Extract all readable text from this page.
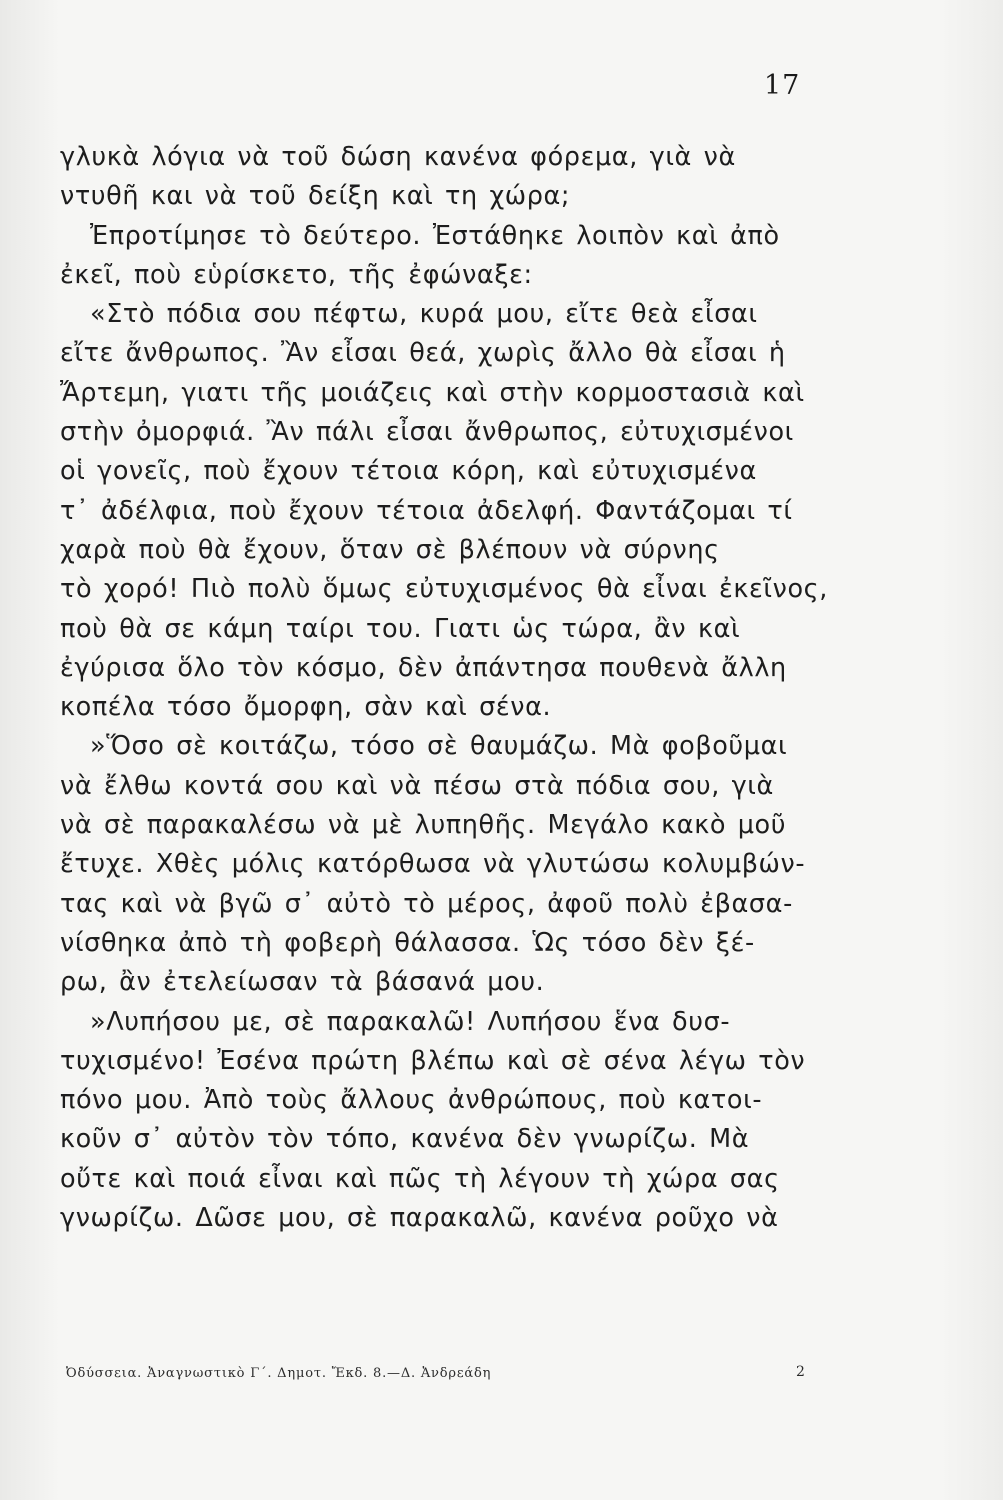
17
γλυκὰ λόγια νὰ τοῦ δώση κανένα φόρεμα, γιὰ νὰ
ντυθῆ και νὰ τοῦ δείξη καὶ τη χώρα;
Ἐπροτίμησε τὸ δεύτερο. Ἐστάθηκε λοιπὸν καὶ ἀπὸ
ἐκεῖ, ποὺ εὑρίσκετο, τῆς ἐφώναξε:
«Στὸ πόδια σου πέφτω, κυρά μου, εἴτε θεὰ εἶσαι
εἴτε ἄνθρωπος. Ἂν εἶσαι θεά, χωρὶς ἄλλο θὰ εἶσαι ἡ
Ἄρτεμη, γιατι τῆς μοιάζεις καὶ στὴν κορμοστασιὰ καὶ
στὴν ὀμορφιά. Ἂν πάλι εἶσαι ἄνθρωπος, εὐτυχισμένοι
οἱ γονεῖς, ποὺ ἔχουν τέτοια κόρη, καὶ εὐτυχισμένα
τ᾿ ἀδέλφια, ποὺ ἔχουν τέτοια ἀδελφή. Φαντάζομαι τί
χαρὰ ποὺ θὰ ἔχουν, ὅταν σὲ βλέπουν νὰ σύρνης
τὸ χορό! Πιὸ πολὺ ὅμως εὐτυχισμένος θὰ εἶναι ἐκεῖνος,
ποὺ θὰ σε κάμη ταίρι του. Γιατι ὡς τώρα, ἂν καὶ
ἐγύρισα ὅλο τὸν κόσμο, δὲν ἀπάντησα πουθενὰ ἄλλη
κοπέλα τόσο ὄμορφη, σὰν καὶ σένα.
»Ὅσο σὲ κοιτάζω, τόσο σὲ θαυμάζω. Μὰ φοβοῦμαι
νὰ ἔλθω κοντά σου καὶ νὰ πέσω στὰ πόδια σου, γιὰ
νὰ σὲ παρακαλέσω νὰ μὲ λυπηθῆς. Μεγάλο κακὸ μοῦ
ἔτυχε. Χθὲς μόλις κατόρθωσα νὰ γλυτώσω κολυμβών-
τας καὶ νὰ βγῶ σ᾿ αὐτὸ τὸ μέρος, ἀφοῦ πολὺ ἐβασα-
νίσθηκα ἀπὸ τὴ φοβερὴ θάλασσα. Ὡς τόσο δὲν ξέ-
ρω, ἂν ἐτελείωσαν τὰ βάσανά μου.
»Λυπήσου με, σὲ παρακαλῶ! Λυπήσου ἕνα δυσ-
τυχισμένο! Ἐσένα πρώτη βλέπω καὶ σὲ σένα λέγω τὸν
πόνο μου. Ἀπὸ τοὺς ἄλλους ἀνθρώπους, ποὺ κατοι-
κοῦν σ᾿ αὐτὸν τὸν τόπο, κανένα δὲν γνωρίζω. Μὰ
οὔτε καὶ ποιά εἶναι καὶ πῶς τὴ λέγουν τὴ χώρα σας
γνωρίζω. Δῶσε μου, σὲ παρακαλῶ, κανένα ροῦχο νὰ
Ὀδύσσεια. Ἀναγνωστικὸ Γ΄. Δημοτ. Ἔκδ. 8.—Δ. Ἀνδρεάδη	2
